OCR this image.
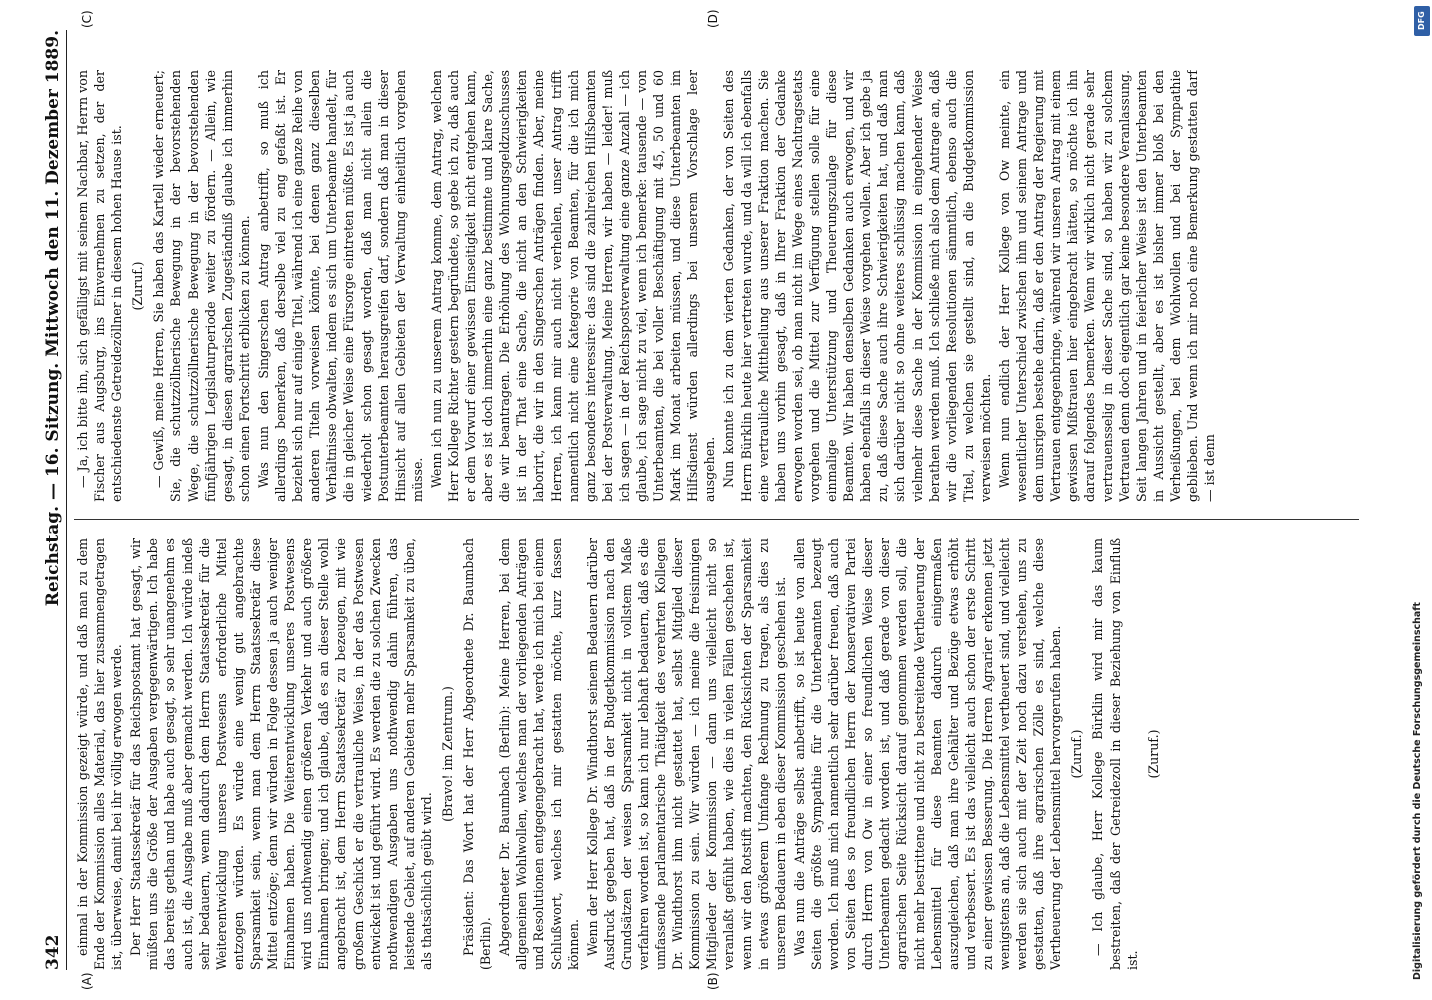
342
Reichstag. — 16. Sitzung. Mittwoch den 11. Dezember 1889.
(A)	(B)
(C)	(D)

einmal in der Kommission gezeigt würde, und daß man zu dem Ende der Kommission alles Material, das hier zusammengetragen ist, überweise, damit bei ihr völlig erwogen werde. Der Herr Staatssekretär für das Reichspostamt hat gesagt, wir müßten uns die Größe der Ausgaben vergegenwärtigen. Ich habe das bereits gethan und habe auch gesagt, so sehr unangenehm es auch ist, die Ausgabe muß aber gemacht werden. Ich würde indeß sehr bedauern, wenn dadurch dem Herrn Staatssekretär für die Weiterentwicklung unseres Postwesens erforderliche Mittel entzogen würden. Es würde eine wenig gut angebrachte Sparsamkeit sein, wenn man dem Herrn Staatssekretär diese Mittel entzöge; denn wir würden in Folge dessen ja auch weniger Einnahmen haben. Die Weiterentwicklung unseres Postwesens wird uns nothwendig einen größeren Verkehr und auch größere Einnahmen bringen; und ich glaube, daß es an dieser Stelle wohl angebracht ist, dem Herrn Staatssekretär zu bezeugen, mit wie großem Geschick er die vertrauliche Weise, in der das Postwesen entwickelt ist und geführt wird. Es werden die zu solchen Zwecken nothwendigen Ausgaben uns nothwendig dahin führen, das leistende Gebiet, auf anderen Gebieten mehr Sparsamkeit zu üben, als thatsächlich geübt wird.

(Bravo! im Zentrum.) Präsident: Das Wort hat der Herr Abgeordnete Dr. Baumbach (Berlin). Abgeordneter Dr. Baumbach (Berlin): Meine Herren, bei dem allgemeinen Wohlwollen, welches man der vorliegenden Anträgen und Resolutionen entgegengebracht hat, werde ich mich bei einem Schlußwort, welches ich mir gestatten möchte, kurz fassen können. Wenn der Herr Kollege Dr. Windthorst seinem Bedauern darüber Ausdruck gegeben hat, daß in der Budgetkommission nach den Grundsätzen der weisen Sparsamkeit nicht in vollstem Maße verfahren worden ist, so kann ich nur lebhaft bedauern, daß es die umfassende parlamentarische Thätigkeit des verehrten Kollegen Dr. Windthorst ihm nicht gestattet hat, selbst Mitglied dieser Kommission zu sein. Wir würden — ich meine die freisinnigen Mitglieder der Kommission — dann uns vielleicht nicht so veranlaßt gefühlt haben, wie dies in vielen Fällen geschehen ist, wenn wir den Rotstift machten, den Rücksichten der Sparsamkeit in etwas größerem Umfange Rechnung zu tragen, als dies zu unserem Bedauern in eben dieser Kommission geschehen ist. Was nun die Anträge selbst anbetrifft, so ist heute von allen Seiten die größte Sympathie für die Unterbeamten bezeugt worden. Ich muß mich namentlich sehr darüber freuen, daß auch von Seiten des so freundlichen Herrn der konservativen Partei durch Herrn von Ow in einer so freundlichen Weise dieser Unterbeamten gedacht worden ist, und daß gerade von dieser agrarischen Seite Rücksicht darauf genommen werden soll, die nicht mehr bestrittene und nicht zu bestreitende Vertheuerung der Lebensmittel für diese Beamten dadurch einigermaßen auszugleichen, daß man ihre Gehälter und Bezüge etwas erhöht und verbessert. Es ist das vielleicht auch schon der erste Schritt zu einer gewissen Besserung. Die Herren Agrarier erkennen jetzt wenigstens an, daß die Lebensmittel vertheuert sind, und vielleicht werden sie sich auch mit der Zeit noch dazu verstehen, uns zu gestatten, daß ihre agrarischen Zölle es sind, welche diese Vertheuerung der Lebensmittel hervorgerufen haben. (Zuruf.) — Ich glaube, Herr Kollege Bürklin wird mir das kaum bestreiten, daß der Getreidezoll in dieser Beziehung von Einfluß ist.

(Zuruf.)

— Ja, ich bitte ihn, sich gefälligst mit seinem Nachbar, Herrn von Fischer aus Augsburg, ins Einvernehmen zu setzen, der der entschiedenste Getreidezöllner in diesem hohen Hause ist. (Zuruf.) — Gewiß, meine Herren, Sie haben das Kartell wieder erneuert; Sie, die schutzzöllnerische Bewegung in der bevorstehenden Wege, die schutzzöllnerische Bewegung in der bevorstehenden fünfjährigen Legislaturperiode weiter zu fördern. — Allein, wie gesagt, in diesen agrarischen Zugeständniß glaube ich immerhin schon einen Fortschritt erblicken zu können. Was nun den Singerschen Antrag anbetrifft, so muß ich allerdings bemerken, daß derselbe viel zu eng gefaßt ist. Er bezieht sich nur auf einige Titel, während ich eine ganze Reihe von anderen Titeln vorweisen könnte, bei denen ganz dieselben Verhältnisse obwalten, indem es sich um Unterbeamte handelt, für die in gleicher Weise eine Fürsorge eintreten müßte. Es ist ja auch wiederholt schon gesagt worden, daß man nicht allein die Postunterbeamten herausgreifen darf, sondern daß man in dieser Hinsicht auf allen Gebieten der Verwaltung einheitlich vorgehen müsse. Wenn ich nun zu unserem Antrag komme, dem Antrag, welchen Herr Kollege Richter gestern begründete, so gebe ich zu, daß auch er dem Vorwurf einer gewissen Einseitigkeit nicht entgehen kann, aber es ist doch immerhin eine ganz bestimmte und klare Sache, die wir beantragen. Die Erhöhung des Wohnungsgeldzuschusses ist in der That eine Sache, die nicht an den Schwierigkeiten laborirt, die wir in den Singerschen Anträgen finden. Aber, meine Herren, ich kann mir auch nicht verhehlen, unser Antrag trifft namentlich nicht eine Kategorie von Beamten, für die ich mich ganz besonders interessire: das sind die zahlreichen Hilfsbeamten bei der Postverwaltung. Meine Herren, wir haben — leider! muß ich sagen — in der Reichspostverwaltung eine ganze Anzahl — ich glaube, ich sage nicht zu viel, wenn ich bemerke: tausende — von Unterbeamten, die bei voller Beschäftigung mit 45, 50 und 60 Mark im Monat arbeiten müssen, und diese Unterbeamten im Hilfsdienst würden allerdings bei unserem Vorschlage leer ausgehen. Nun konnte ich zu dem vierten Gedanken, der von Seiten des Herrn Bürklin heute hier vertreten wurde, und da will ich ebenfalls eine vertrauliche Mittheilung aus unserer Fraktion machen. Sie haben uns vorhin gesagt, daß in Ihrer Fraktion der Gedanke erwogen worden sei, ob man nicht im Wege eines Nachtragsetats vorgehen und die Mittel zur Verfügung stellen solle für eine einmalige Unterstützung und Theuerungszulage für diese Beamten. Wir haben denselben Gedanken auch erwogen, und wir haben ebenfalls in dieser Weise vorgehen wollen. Aber ich gebe ja zu, daß diese Sache auch ihre Schwierigkeiten hat, und daß man sich darüber nicht so ohne weiteres schlüssig machen kann, daß vielmehr diese Sache in der Kommission in eingehender Weise berathen werden muß. Ich schließe mich also dem Antrage an, daß wir die vorliegenden Resolutionen sämmtlich, ebenso auch die Titel, zu welchen sie gestellt sind, an die Budgetkommission verweisen möchten. Wenn nun endlich der Herr Kollege von Ow meinte, ein wesentlicher Unterschied zwischen ihm und seinem Antrage und dem unsrigen bestehe darin, daß er den Antrag der Regierung mit Vertrauen entgegenbringe, während wir unseren Antrag mit einem gewissen Mißtrauen hier eingebracht hätten, so möchte ich ihn darauf folgendes bemerken. Wenn wir wirklich nicht gerade sehr vertrauensselig in dieser Sache sind, so haben wir zu solchem Vertrauen denn doch eigentlich gar keine besondere Veranlassung. Seit langen Jahren und in feierlicher Weise ist den Unterbeamten in Aussicht gestellt, aber es ist bisher immer bloß bei den Verheißungen, bei dem Wohlwollen und bei der Sympathie geblieben. Und wenn ich mir noch eine Bemerkung gestatten darf — ist denn

DFG
Digitalisierung gefördert durch die Deutsche Forschungsgemeinschaft
